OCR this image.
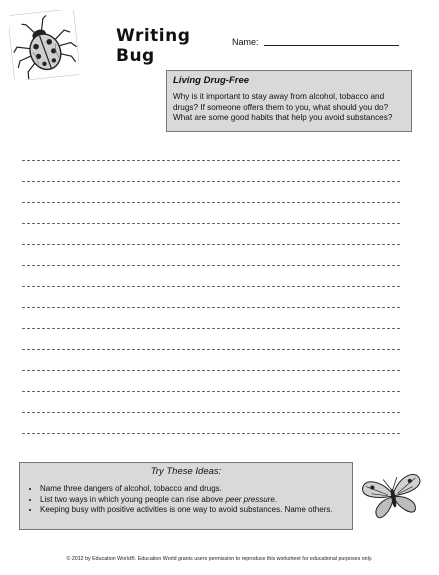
Writing
Bug
Name:
Living Drug-Free
Why is it important to stay away from alcohol, tobacco and drugs? If someone offers them to you, what should you do? What are some good habits that help you avoid substances?
Try These Ideas:
• Name three dangers of alcohol, tobacco and drugs.
• List two ways in which young people can rise above peer pressure.
• Keeping busy with positive activities is one way to avoid substances. Name others.
© 2012 by Education World®. Education World grants users permission to reproduce this worksheet for educational purposes only.
